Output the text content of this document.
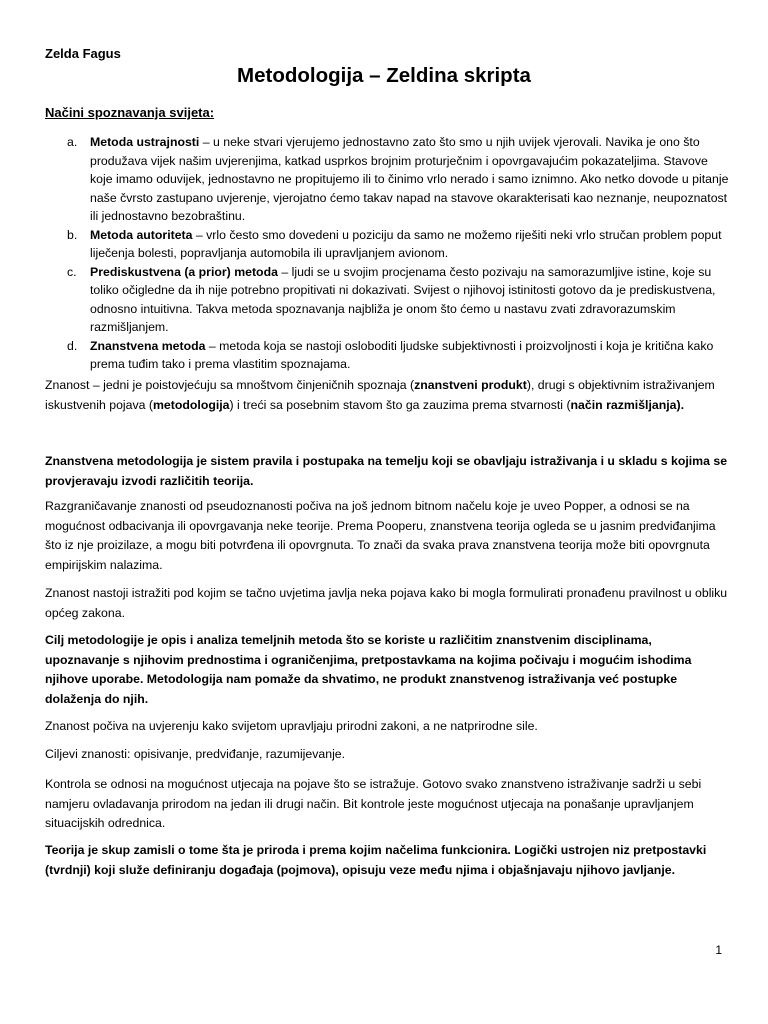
Zelda Fagus

Metodologija – Zeldina skripta

Načini spoznavanja svijeta:

a. Metoda ustrajnosti – u neke stvari vjerujemo jednostavno zato što smo u njih uvijek vjerovali. Navika je ono što produžava vijek našim uvjerenjima, katkad usprkos brojnim proturječnim i opovrgavajućim pokazateljima. Stavove koje imamo oduvijek, jednostavno ne propitujemo ili to činimo vrlo nerado i samo iznimno. Ako netko dovode u pitanje naše čvrsto zastupano uvjerenje, vjerojatno ćemo takav napad na stavove okarakterisati kao neznanje, neupoznatost ili jednostavno bezobraštinu.
b. Metoda autoriteta – vrlo često smo dovedeni u poziciju da samo ne možemo riješiti neki vrlo stručan problem poput liječenja bolesti, popravljanja automobila ili upravljanjem avionom.
c. Prediskustvena (a prior) metoda – ljudi se u svojim procjenama često pozivaju na samorazumljive istine, koje su toliko očigledne da ih nije potrebno propitivati ni dokazivati. Svijest o njihovoj istinitosti gotovo da je prediskustvena, odnosno intuitivna. Takva metoda spoznavanja najbliža je onom što ćemo u nastavu zvati zdravorazumskim razmišljanjem.
d. Znanstvena metoda – metoda koja se nastoji osloboditi ljudske subjektivnosti i proizvoljnosti i koja je kritična kako prema tuđim tako i prema vlastitim spoznajama.

Znanost – jedni je poistovjećuju sa mnoštvom činjeničnih spoznaja (znanstveni produkt), drugi s objektivnim istraživanjem iskustvenih pojava (metodologija) i treći sa posebnim stavom što ga zauzima prema stvarnosti (način razmišljanja).

Znanstvena metodologija je sistem pravila i postupaka na temelju koji se obavljaju istraživanja i u skladu s kojima se provjeravaju izvodi različitih teorija.

Razgraničavanje znanosti od pseudoznanosti počiva na još jednom bitnom načelu koje je uveo Popper, a odnosi se na mogućnost odbacivanja ili opovrgavanja neke teorije. Prema Pooperu, znanstvena teorija ogleda se u jasnim predviđanjima što iz nje proizilaze, a mogu biti potvrđena ili opovrgnuta. To znači da svaka prava znanstvena teorija može biti opovrgnuta empirijskim nalazima.

Znanost nastoji istražiti pod kojim se tačno uvjetima javlja neka pojava kako bi mogla formulirati pronađenu pravilnost u obliku općeg zakona.

Cilj metodologije je opis i analiza temeljnih metoda što se koriste u različitim znanstvenim disciplinama, upoznavanje s njihovim prednostima i ograničenjima, pretpostavkama na kojima počivaju i mogućim ishodima njihove uporabe. Metodologija nam pomaže da shvatimo, ne produkt znanstvenog istraživanja već postupke dolaženja do njih.

Znanost počiva na uvjerenju kako svijetom upravljaju prirodni zakoni, a ne natprirodne sile.

Ciljevi znanosti: opisivanje, predviđanje, razumijevanje.

Kontrola se odnosi na mogućnost utjecaja na pojave što se istražuje. Gotovo svako znanstveno istraživanje sadrži u sebi namjeru ovladavanja prirodom na jedan ili drugi način. Bit kontrole jeste mogućnost utjecaja na ponašanje upravljanjem situacijskih odrednica.

Teorija je skup zamisli o tome šta je priroda i prema kojim načelima funkcionira. Logički ustrojen niz pretpostavki (tvrdnji) koji služe definiranju događaja (pojmova), opisuju veze među njima i objašnjavaju njihovo javljanje.

1
